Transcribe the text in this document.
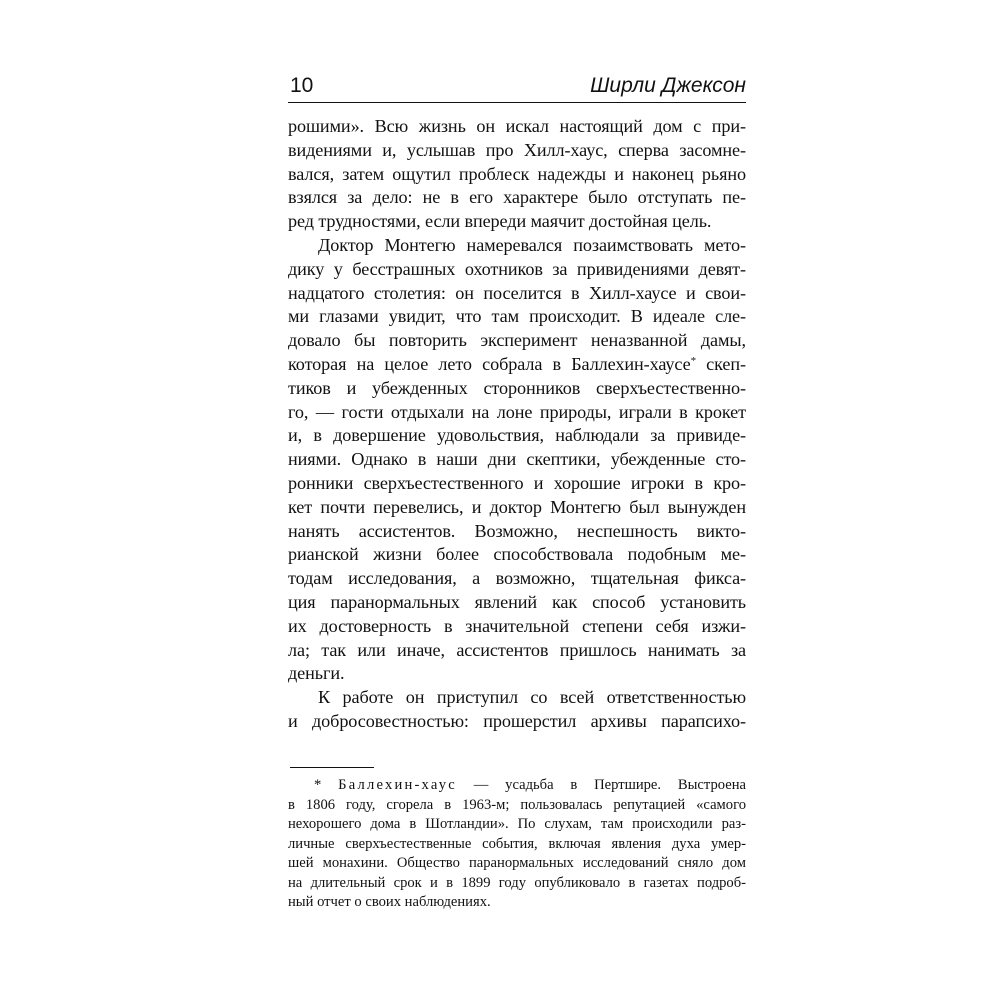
10	Ширли Джексон
рошими». Всю жизнь он искал настоящий дом с при-
видениями и, услышав про Хилл-хаус, сперва засомне-
вался, затем ощутил проблеск надежды и наконец рьяно
взялся за дело: не в его характере было отступать пе-
ред трудностями, если впереди маячит достойная цель.
Доктор Монтегю намеревался позаимствовать мето-
дику у бесстрашных охотников за привидениями девят-
надцатого столетия: он поселится в Хилл-хаусе и свои-
ми глазами увидит, что там происходит. В идеале сле-
довало бы повторить эксперимент неназванной дамы,
которая на целое лето собрала в Баллехин-хаусе* скеп-
тиков и убежденных сторонников сверхъестественно-
го, — гости отдыхали на лоне природы, играли в крокет
и, в довершение удовольствия, наблюдали за привиде-
ниями. Однако в наши дни скептики, убежденные сто-
ронники сверхъестественного и хорошие игроки в кро-
кет почти перевелись, и доктор Монтегю был вынужден
нанять ассистентов. Возможно, неспешность викто-
рианской жизни более способствовала подобным ме-
тодам исследования, а возможно, тщательная фикса-
ция паранормальных явлений как способ установить
их достоверность в значительной степени себя изжи-
ла; так или иначе, ассистентов пришлось нанимать за
деньги.
К работе он приступил со всей ответственностью
и добросовестностью: прошерстил архивы парапсихо-
* Баллехин-хаус — усадьба в Пертшире. Выстроена
в 1806 году, сгорела в 1963-м; пользовалась репутацией «самого
нехорошего дома в Шотландии». По слухам, там происходили раз-
личные сверхъестественные события, включая явления духа умер-
шей монахини. Общество паранормальных исследований сняло дом
на длительный срок и в 1899 году опубликовало в газетах подроб-
ный отчет о своих наблюдениях.
